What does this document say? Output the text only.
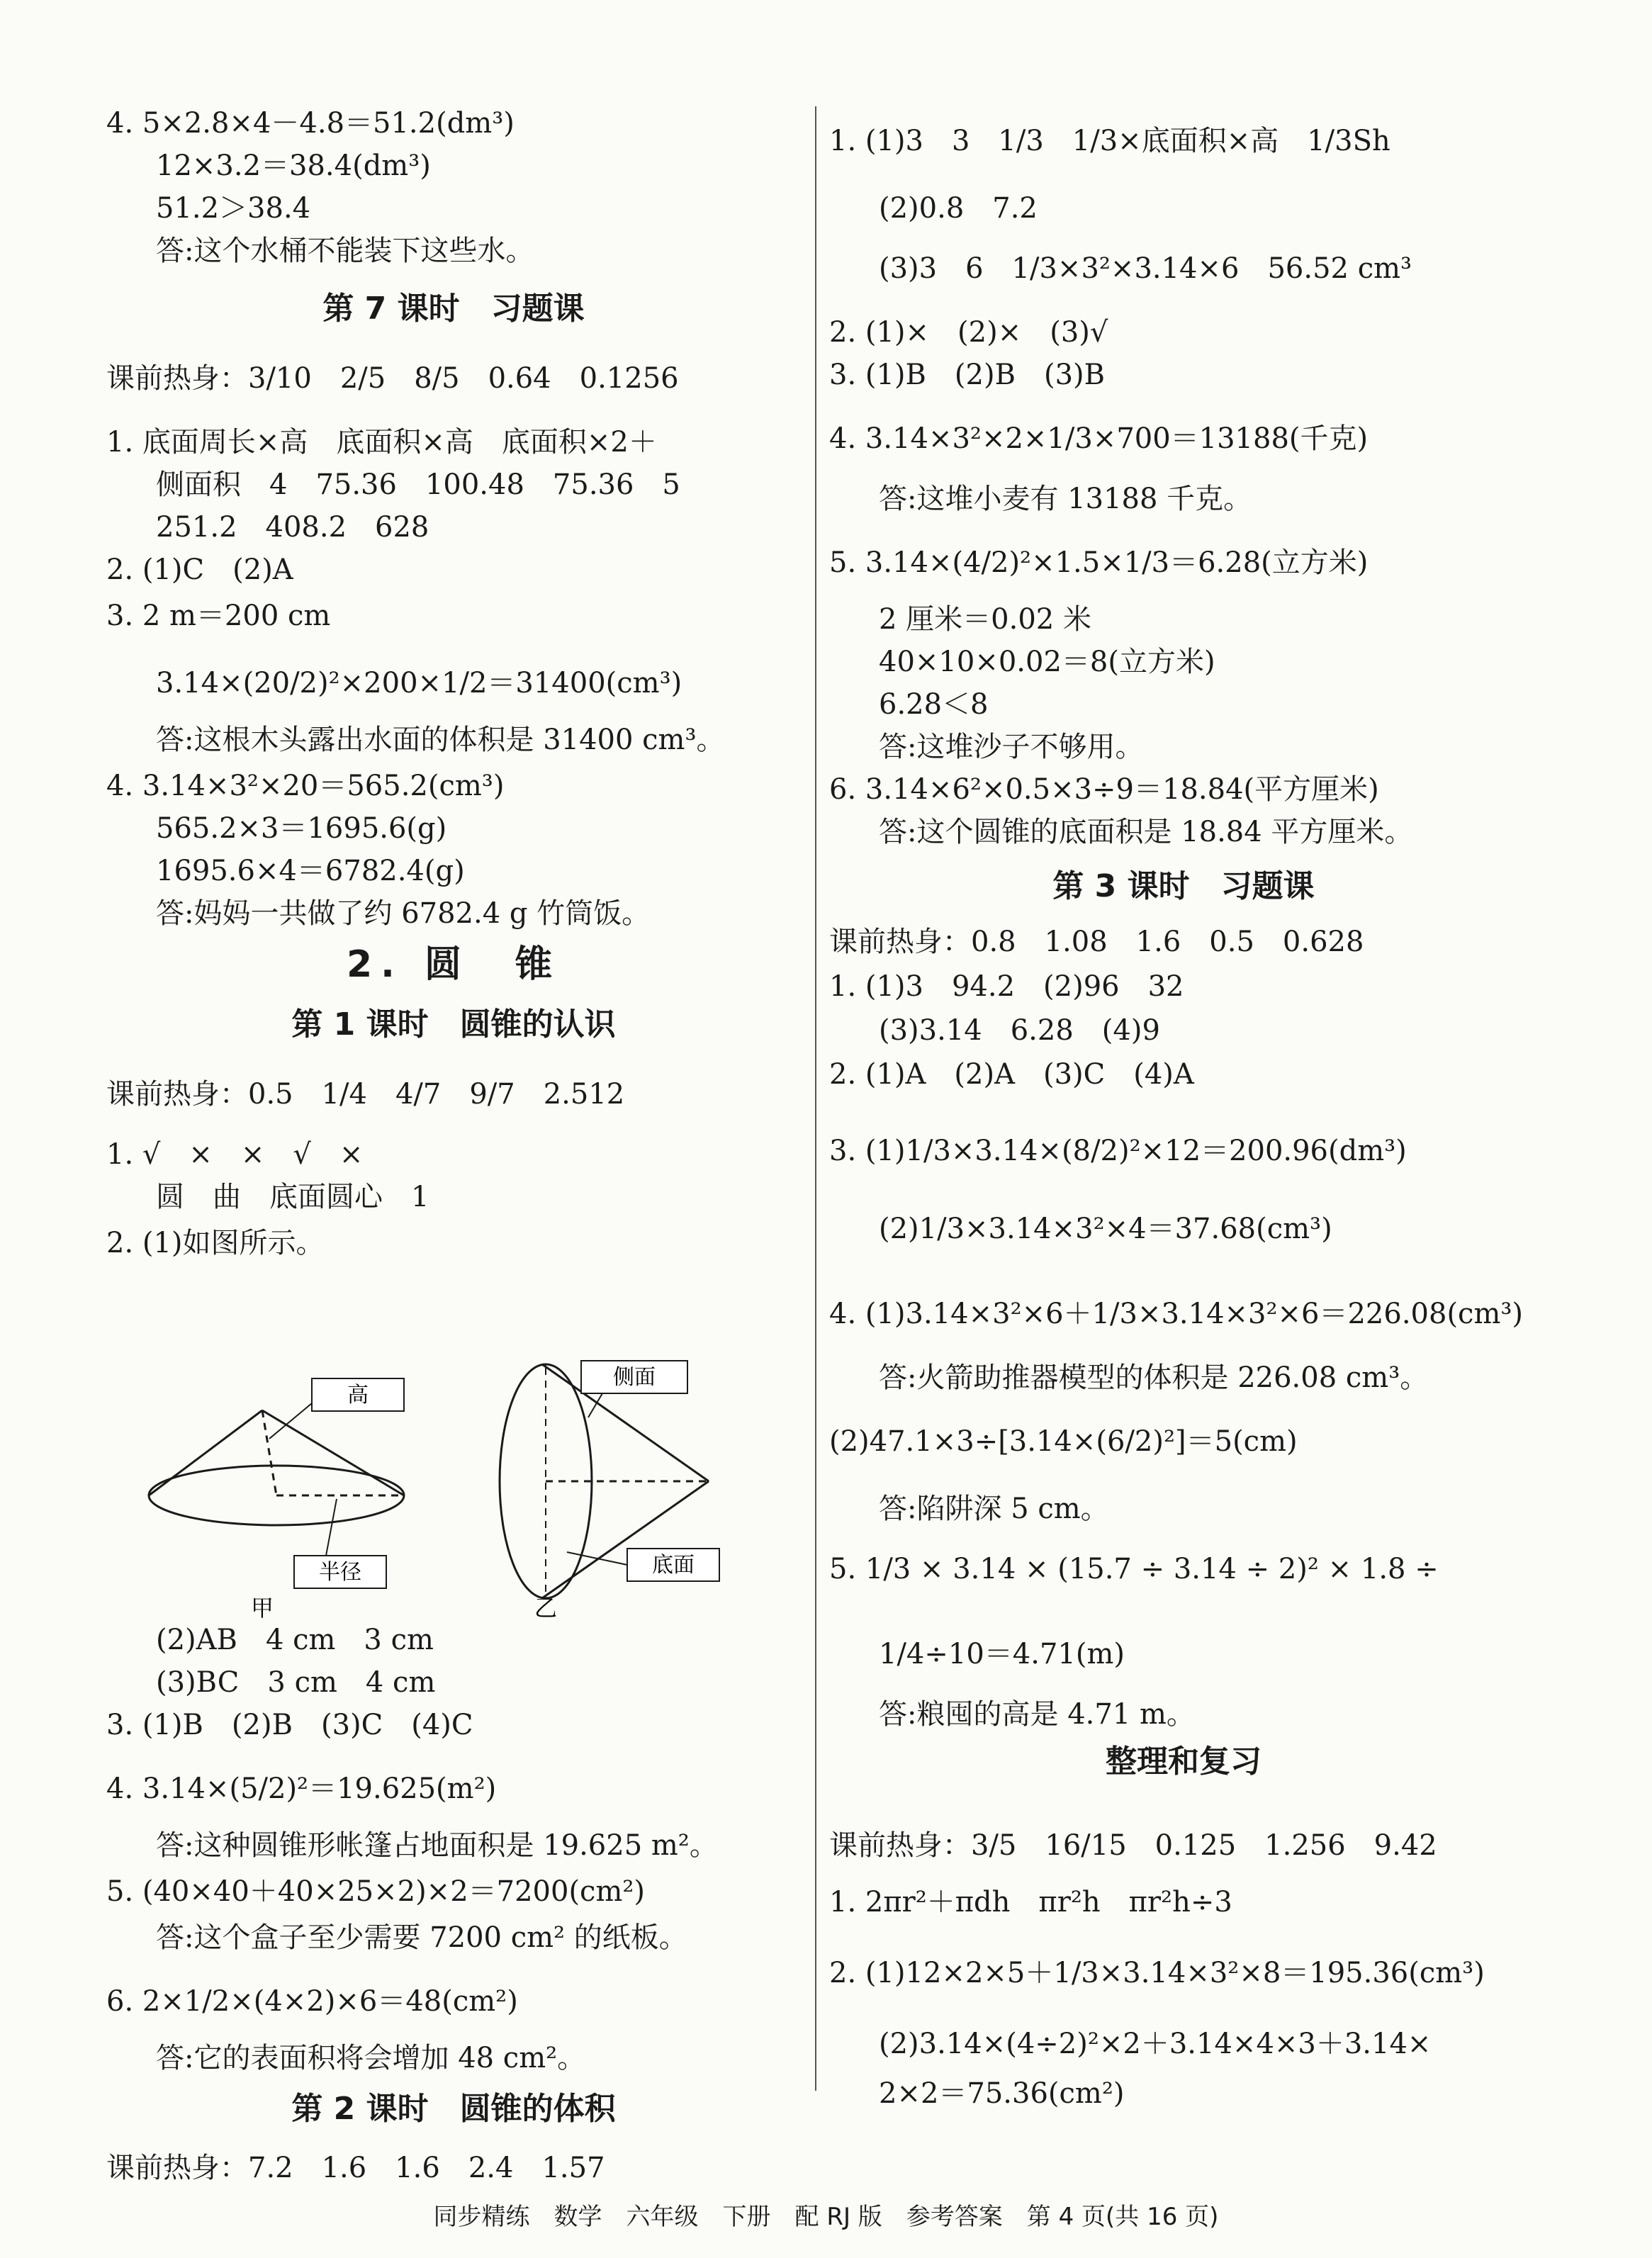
4. 5×2.8×4－4.8＝51.2(dm³)
12×3.2＝38.4(dm³)
51.2＞38.4
答:这个水桶不能装下这些水。
第 7 课时　习题课
课前热身：3/10　2/5　8/5　0.64　0.1256
1. 底面周长×高　底面积×高　底面积×2＋
侧面积　4　75.36　100.48　75.36　5
251.2　408.2　628
2. (1)C　(2)A
3. 2 m＝200 cm
3.14×(20/2)²×200×1/2＝31400(cm³)
答:这根木头露出水面的体积是 31400 cm³。
4. 3.14×3²×20＝565.2(cm³)
565.2×3＝1695.6(g)
1695.6×4＝6782.4(g)
答:妈妈一共做了约 6782.4 g 竹筒饭。
2. 圆　锥
第 1 课时　圆锥的认识
课前热身：0.5　1/4　4/7　9/7　2.512
1. √　×　×　√　×
圆　曲　底面圆心　1
2. (1)如图所示。
高
半径
甲
侧面
底面
乙
(2)AB　4 cm　3 cm
(3)BC　3 cm　4 cm
3. (1)B　(2)B　(3)C　(4)C
4. 3.14×(5/2)²＝19.625(m²)
答:这种圆锥形帐篷占地面积是 19.625 m²。
5. (40×40＋40×25×2)×2＝7200(cm²)
答:这个盒子至少需要 7200 cm² 的纸板。
6. 2×1/2×(4×2)×6＝48(cm²)
答:它的表面积将会增加 48 cm²。
第 2 课时　圆锥的体积
课前热身：7.2　1.6　1.6　2.4　1.57
1. (1)3　3　1/3　1/3×底面积×高　1/3Sh
(2)0.8　7.2
(3)3　6　1/3×3²×3.14×6　56.52 cm³
2. (1)×　(2)×　(3)√
3. (1)B　(2)B　(3)B
4. 3.14×3²×2×1/3×700＝13188(千克)
答:这堆小麦有 13188 千克。
5. 3.14×(4/2)²×1.5×1/3＝6.28(立方米)
2 厘米＝0.02 米
40×10×0.02＝8(立方米)
6.28＜8
答:这堆沙子不够用。
6. 3.14×6²×0.5×3÷9＝18.84(平方厘米)
答:这个圆锥的底面积是 18.84 平方厘米。
第 3 课时　习题课
课前热身：0.8　1.08　1.6　0.5　0.628
1. (1)3　94.2　(2)96　32
(3)3.14　6.28　(4)9
2. (1)A　(2)A　(3)C　(4)A
3. (1)1/3×3.14×(8/2)²×12＝200.96(dm³)
(2)1/3×3.14×3²×4＝37.68(cm³)
4. (1)3.14×3²×6＋1/3×3.14×3²×6＝226.08(cm³)
答:火箭助推器模型的体积是 226.08 cm³。
(2)47.1×3÷[3.14×(6/2)²]＝5(cm)
答:陷阱深 5 cm。
5. 1/3 × 3.14 × (15.7 ÷ 3.14 ÷ 2)² × 1.8 ÷
1/4÷10＝4.71(m)
答:粮囤的高是 4.71 m。
整理和复习
课前热身：3/5　16/15　0.125　1.256　9.42
1. 2πr²＋πdh　πr²h　πr²h÷3
2. (1)12×2×5＋1/3×3.14×3²×8＝195.36(cm³)
(2)3.14×(4÷2)²×2＋3.14×4×3＋3.14×
2×2＝75.36(cm²)
同步精练　数学　六年级　下册　配 RJ 版　参考答案　第 4 页(共 16 页)
